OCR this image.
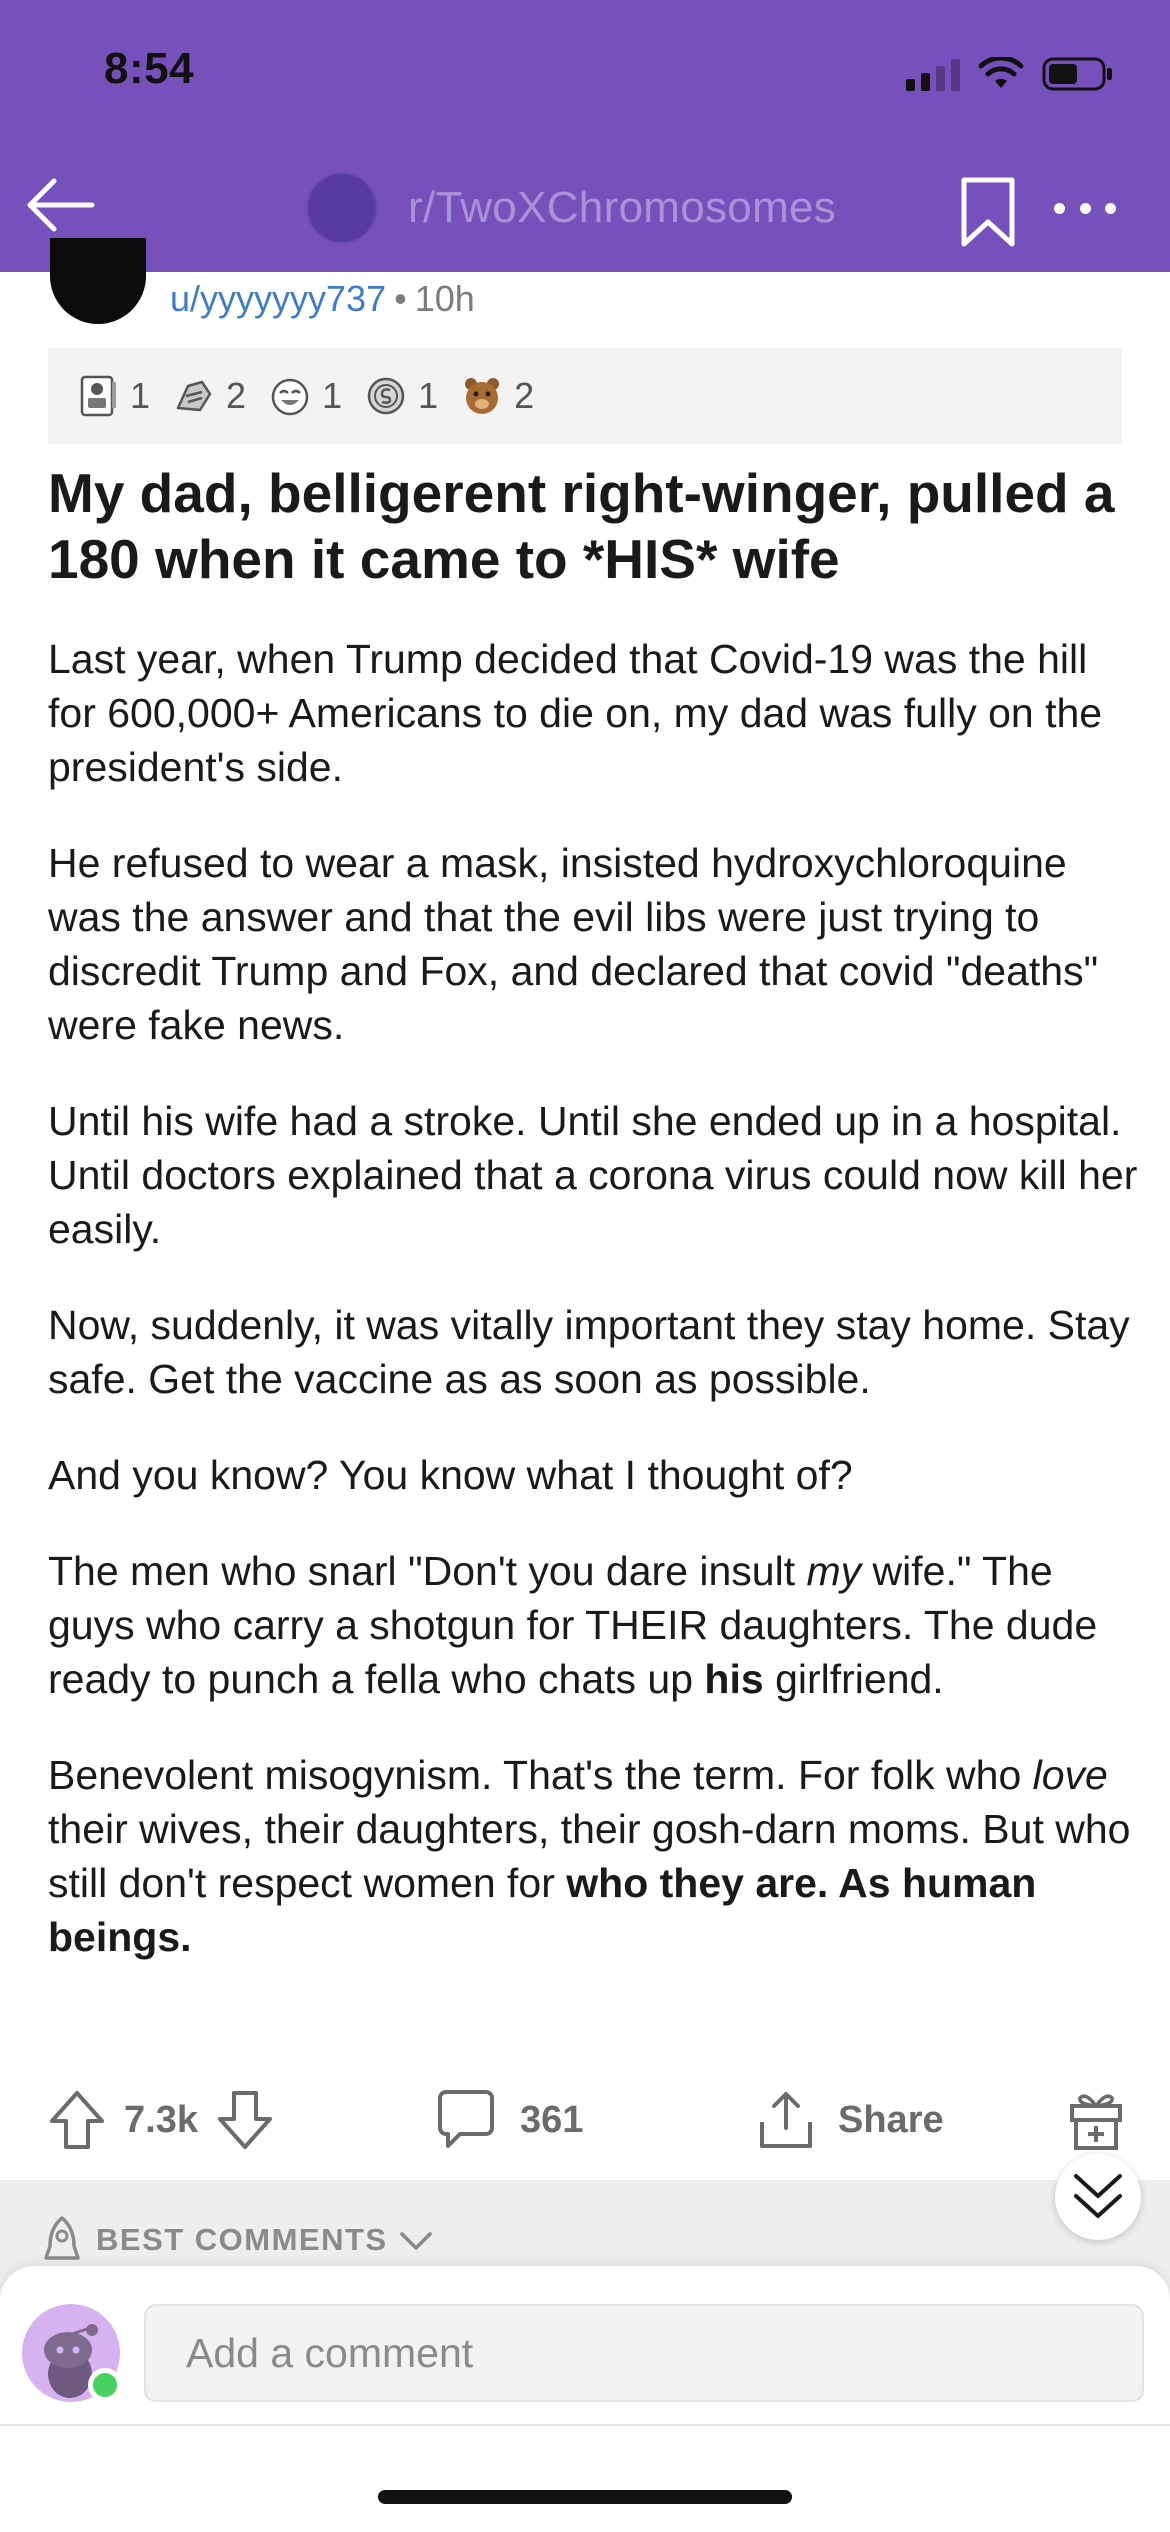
8:54
r/TwoXChromosomes
u/yyyyyyy737 • 10h
1 2 1 1 2
My dad, belligerent right-winger, pulled a 180 when it came to *HIS* wife

Last year, when Trump decided that Covid-19 was the hill for 600,000+ Americans to die on, my dad was fully on the president's side.

He refused to wear a mask, insisted hydroxychloroquine was the answer and that the evil libs were just trying to discredit Trump and Fox, and declared that covid "deaths" were fake news.

Until his wife had a stroke. Until she ended up in a hospital. Until doctors explained that a corona virus could now kill her easily.

Now, suddenly, it was vitally important they stay home. Stay safe. Get the vaccine as as soon as possible.

And you know? You know what I thought of?

The men who snarl "Don't you dare insult my wife." The guys who carry a shotgun for THEIR daughters. The dude ready to punch a fella who chats up his girlfriend.

Benevolent misogynism. That's the term. For folk who love their wives, their daughters, their gosh-darn moms. But who still don't respect women for who they are. As human beings.

7.3k	361	Share
BEST COMMENTS
Add a comment
